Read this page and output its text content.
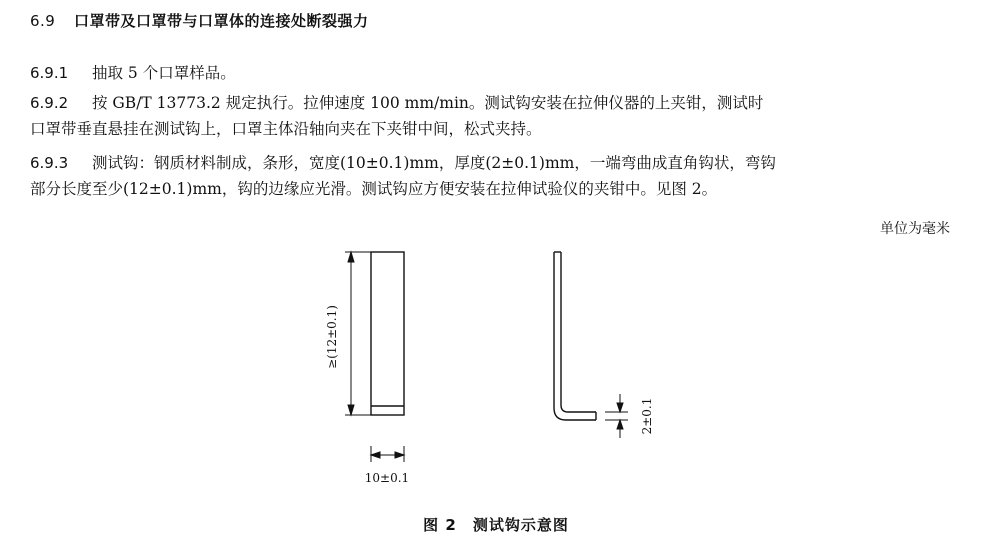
6.9 口罩带及口罩带与口罩体的连接处断裂强力
6.9.1 抽取 5 个口罩样品。
6.9.2 按 GB/T 13773.2 规定执行。拉伸速度 100 mm/min。测试钩安装在拉伸仪器的上夹钳，测试时
口罩带垂直悬挂在测试钩上，口罩主体沿轴向夹在下夹钳中间，松式夹持。
6.9.3 测试钩：钢质材料制成，条形，宽度(10±0.1)mm，厚度(2±0.1)mm，一端弯曲成直角钩状，弯钩
部分长度至少(12±0.1)mm，钩的边缘应光滑。测试钩应方便安装在拉伸试验仪的夹钳中。见图 2。
单位为毫米
≥(12±0.1)
10±0.1
2±0.1
图 2 测试钩示意图
